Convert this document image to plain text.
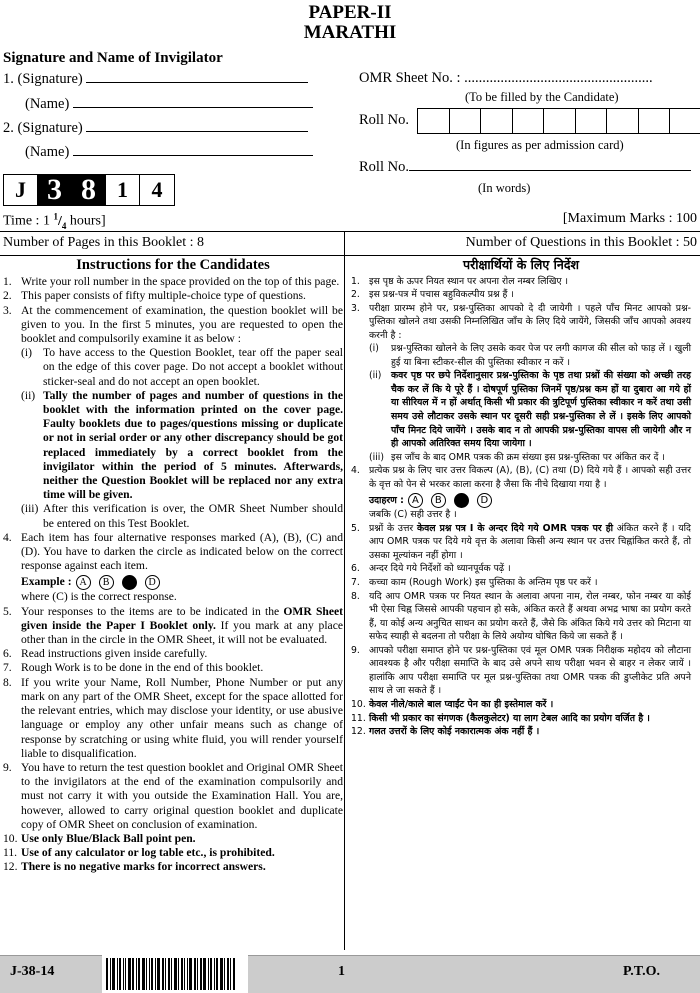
PAPER-II
MARATHI
Signature and Name of Invigilator
1. (Signature)
(Name)
2. (Signature)
(Name)
OMR Sheet No. : ....................................................
(To be filled by the Candidate)
Roll No.
(In figures as per admission card)
Roll No.
(In words)
J 3 8 1	4
Time : 1 $^1/_4$ hours]	[Maximum Marks : 100
Number of Pages in this Booklet : 8	Number of Questions in this Booklet : 50
Instructions for the Candidates
1. Write your roll number in the space provided on the top of this page.
2. This paper consists of fifty multiple-choice type of questions.
3. At the commencement of examination, the question booklet will be given to you. In the first 5 minutes, you are requested to open the booklet and compulsorily examine it as below :
(i) To have access to the Question Booklet, tear off the paper seal on the edge of this cover page. Do not accept a booklet without sticker-seal and do not accept an open booklet.
(ii) Tally the number of pages and number of questions in the booklet with the information printed on the cover page. Faulty booklets due to pages/questions missing or duplicate or not in serial order or any other discrepancy should be got replaced immediately by a correct booklet from the invigilator within the period of 5 minutes. Afterwards, neither the Question Booklet will be replaced nor any extra time will be given.
(iii) After this verification is over, the OMR Sheet Number should be entered on this Test Booklet.
4. Each item has four alternative responses marked (A), (B), (C) and (D). You have to darken the circle as indicated below on the correct response against each item.
Example : A B	D
where (C) is the correct response.
5. Your responses to the items are to be indicated in the OMR Sheet given inside the Paper I Booklet only. If you mark at any place other than in the circle in the OMR Sheet, it will not be evaluated.
6. Read instructions given inside carefully.
7. Rough Work is to be done in the end of this booklet.
8. If you write your Name, Roll Number, Phone Number or put any mark on any part of the OMR Sheet, except for the space allotted for the relevant entries, which may disclose your identity, or use abusive language or employ any other unfair means such as change of response by scratching or using white fluid, you will render yourself liable to disqualification.
9. You have to return the test question booklet and Original OMR Sheet to the invigilators at the end of the examination compulsorily and must not carry it with you outside the Examination Hall. You are, however, allowed to carry original question booklet and duplicate copy of OMR Sheet on conclusion of examination.
10. Use only Blue/Black Ball point pen.
11. Use of any calculator or log table etc., is prohibited.
12. There is no negative marks for incorrect answers.
परीक्षार्थियों के लिए निर्देश
1. इस पृष्ठ के ऊपर नियत स्थान पर अपना रोल नम्बर लिखिए ।
2. इस प्रश्न-पत्र में पचास बहुविकल्पीय प्रश्न हैं ।
3. परीक्षा प्रारम्भ होने पर, प्रश्न-पुस्तिका आपको दे दी जायेगी । पहले पाँच मिनट आपको प्रश्न-पुस्तिका खोलने तथा उसकी निम्नलिखित जाँच के लिए दिये जायेंगे, जिसकी जाँच आपको अवश्य करनी है :
(i)	प्रश्न-पुस्तिका खोलने के लिए उसके कवर पेज पर लगी कागज की सील को फाड़ लें । खुली हुई या बिना स्टीकर-सील की पुस्तिका स्वीकार न करें ।
(ii)	कवर पृष्ठ पर छपे निर्देशानुसार प्रश्न-पुस्तिका के पृष्ठ तथा प्रश्नों की संख्या को अच्छी तरह चैक कर लें कि ये पूरे हैं । दोषपूर्ण पुस्तिका जिनमें पृष्ठ/प्रश्न कम हों या दुबारा आ गये हों या सीरियल में न हों अर्थात् किसी भी प्रकार की त्रुटिपूर्ण पुस्तिका स्वीकार न करें तथा उसी समय उसे लौटाकर उसके स्थान पर दूसरी सही प्रश्न-पुस्तिका ले लें । इसके लिए आपको पाँच मिनट दिये जायेंगे । उसके बाद न तो आपकी प्रश्न-पुस्तिका वापस ली जायेगी और न ही आपको अतिरिक्त समय दिया जायेगा ।
(iii) इस जाँच के बाद OMR पत्रक की क्रम संख्या इस प्रश्न-पुस्तिका पर अंकित कर दें ।
4. प्रत्येक प्रश्न के लिए चार उत्तर विकल्प (A), (B), (C) तथा (D) दिये गये हैं । आपको सही उत्तर के वृत्त को पेन से भरकर काला करना है जैसा कि नीचे दिखाया गया है ।
उदाहरण : A B	D
जबकि (C) सही उत्तर है ।
5. प्रश्नों के उत्तर केवल प्रश्न पत्र I के अन्दर दिये गये OMR पत्रक पर ही अंकित करने हैं । यदि आप OMR पत्रक पर दिये गये वृत्त के अलावा किसी अन्य स्थान पर उत्तर चिह्नांकित करते हैं, तो उसका मूल्यांकन नहीं होगा ।
6. अन्दर दिये गये निर्देशों को ध्यानपूर्वक पढ़ें ।
7. कच्चा काम (Rough Work) इस पुस्तिका के अन्तिम पृष्ठ पर करें ।
8. यदि आप OMR पत्रक पर नियत स्थान के अलावा अपना नाम, रोल नम्बर, फोन नम्बर या कोई भी ऐसा चिह्न जिससे आपकी पहचान हो सके, अंकित करते हैं अथवा अभद्र भाषा का प्रयोग करते हैं, या कोई अन्य अनुचित साधन का प्रयोग करते हैं, जैसे कि अंकित किये गये उत्तर को मिटाना या सफेद स्याही से बदलना तो परीक्षा के लिये अयोग्य घोषित किये जा सकते हैं ।
9. आपको परीक्षा समाप्त होने पर प्रश्न-पुस्तिका एवं मूल OMR पत्रक निरीक्षक महोदय को लौटाना आवश्यक है और परीक्षा समाप्ति के बाद उसे अपने साथ परीक्षा भवन से बाहर न लेकर जायें । हालांकि आप परीक्षा समाप्ति पर मूल प्रश्न-पुस्तिका तथा OMR पत्रक की डुप्लीकेट प्रति अपने साथ ले जा सकते हैं ।
10. केवल नीले/काले बाल प्वाईंट पेन का ही इस्तेमाल करें ।
11. किसी भी प्रकार का संगणक (कैलकुलेटर) या लाग टेबल आदि का प्रयोग वर्जित है ।
12. गलत उत्तरों के लिए कोई नकारात्मक अंक नहीं हैं ।
J-38-14	1	P.T.O.
